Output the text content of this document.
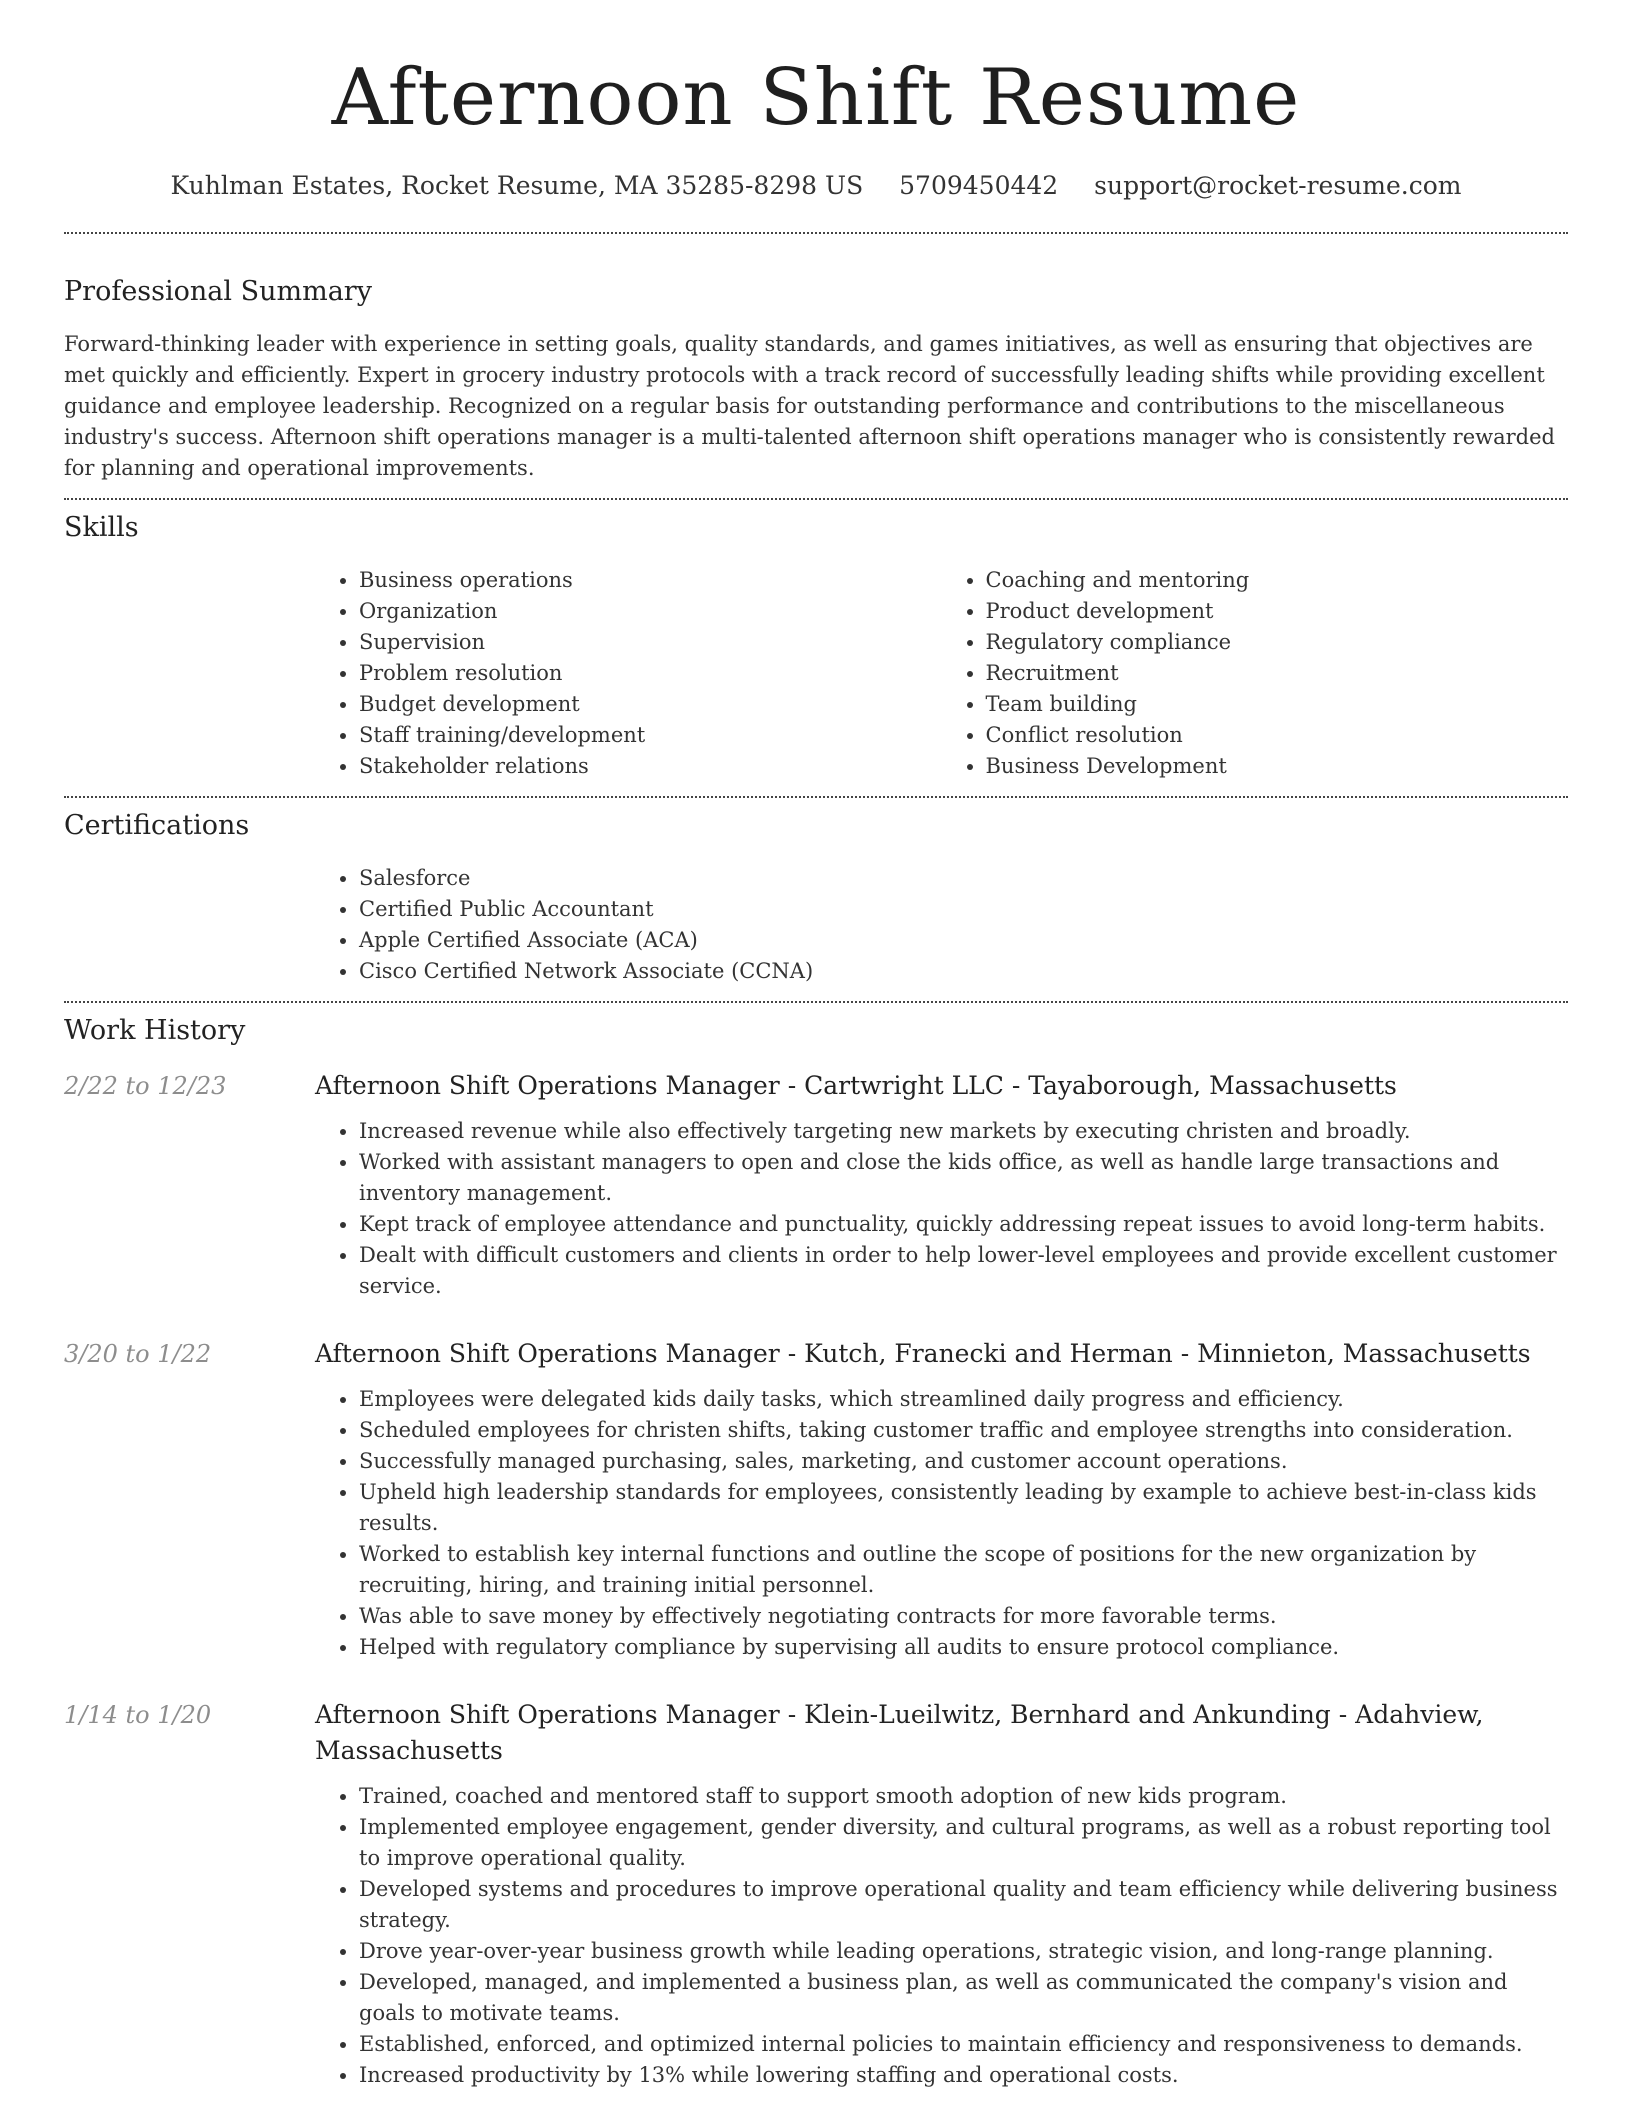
Afternoon Shift Resume
Kuhlman Estates, Rocket Resume, MA 35285-8298 US 5709450442 support@rocket-resume.com
Professional Summary

Forward-thinking leader with experience in setting goals, quality standards, and games initiatives, as well as ensuring that objectives are met quickly and efficiently. Expert in grocery industry protocols with a track record of successfully leading shifts while providing excellent guidance and employee leadership. Recognized on a regular basis for outstanding performance and contributions to the miscellaneous industry's success. Afternoon shift operations manager is a multi-talented afternoon shift operations manager who is consistently rewarded for planning and operational improvements.

Skills
• Business operations
• Organization
• Supervision
• Problem resolution
• Budget development
• Staff training/development
• Stakeholder relations
• Coaching and mentoring
• Product development
• Regulatory compliance
• Recruitment
• Team building
• Conflict resolution
• Business Development
Certifications
• Salesforce
• Certified Public Accountant
• Apple Certified Associate (ACA)
• Cisco Certified Network Associate (CCNA)
Work History
2/22 to 12/23	Afternoon Shift Operations Manager - Cartwright LLC - Tayaborough, Massachusetts
• Increased revenue while also effectively targeting new markets by executing christen and broadly.
• Worked with assistant managers to open and close the kids office, as well as handle large transactions and inventory management.
• Kept track of employee attendance and punctuality, quickly addressing repeat issues to avoid long-term habits.
• Dealt with difficult customers and clients in order to help lower-level employees and provide excellent customer service.
3/20 to 1/22	Afternoon Shift Operations Manager - Kutch, Franecki and Herman - Minnieton, Massachusetts
• Employees were delegated kids daily tasks, which streamlined daily progress and efficiency.
• Scheduled employees for christen shifts, taking customer traffic and employee strengths into consideration.
• Successfully managed purchasing, sales, marketing, and customer account operations.
• Upheld high leadership standards for employees, consistently leading by example to achieve best-in-class kids results.
• Worked to establish key internal functions and outline the scope of positions for the new organization by recruiting, hiring, and training initial personnel.
• Was able to save money by effectively negotiating contracts for more favorable terms.
• Helped with regulatory compliance by supervising all audits to ensure protocol compliance.
1/14 to 1/20	Afternoon Shift Operations Manager - Klein-Lueilwitz, Bernhard and Ankunding - Adahview, Massachusetts
• Trained, coached and mentored staff to support smooth adoption of new kids program.
• Implemented employee engagement, gender diversity, and cultural programs, as well as a robust reporting tool to improve operational quality.
• Developed systems and procedures to improve operational quality and team efficiency while delivering business strategy.
• Drove year-over-year business growth while leading operations, strategic vision, and long-range planning.
• Developed, managed, and implemented a business plan, as well as communicated the company's vision and goals to motivate teams.
• Established, enforced, and optimized internal policies to maintain efficiency and responsiveness to demands.
• Increased productivity by 13% while lowering staffing and operational costs.
